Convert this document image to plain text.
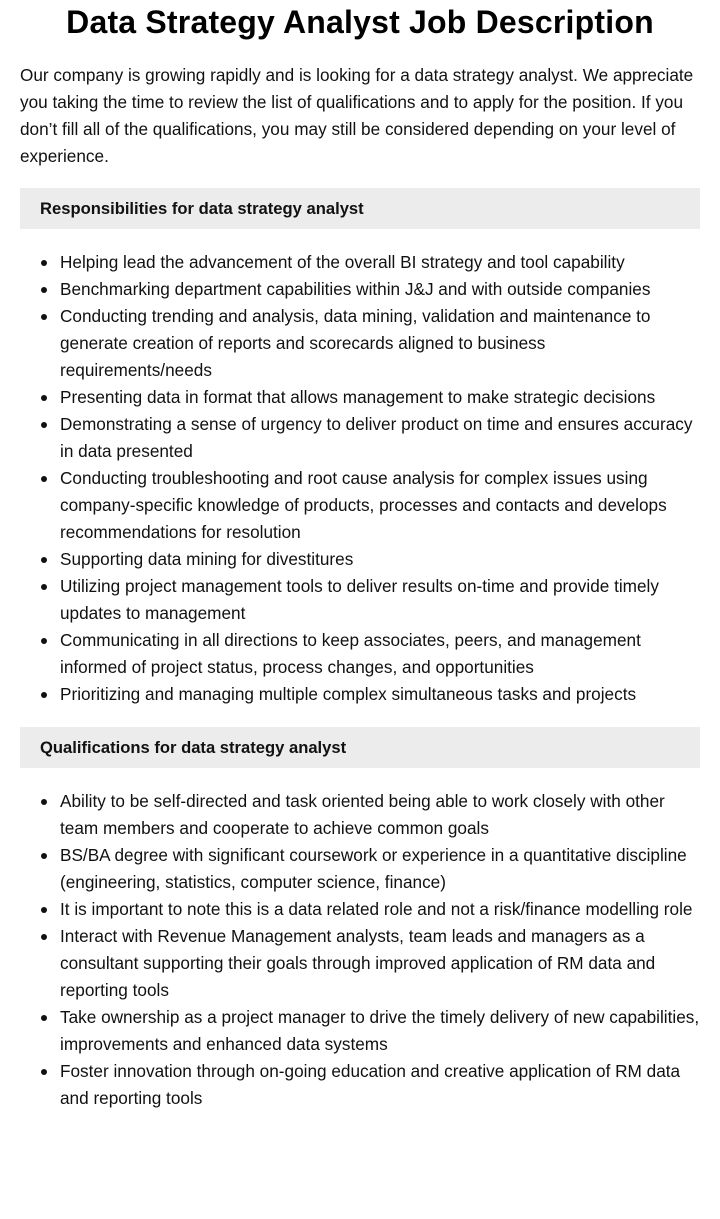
Data Strategy Analyst Job Description

Our company is growing rapidly and is looking for a data strategy analyst. We appreciate you taking the time to review the list of qualifications and to apply for the position. If you don’t fill all of the qualifications, you may still be considered depending on your level of experience.

Responsibilities for data strategy analyst
Helping lead the advancement of the overall BI strategy and tool capability
Benchmarking department capabilities within J&J and with outside companies
Conducting trending and analysis, data mining, validation and maintenance to generate creation of reports and scorecards aligned to business requirements/needs
Presenting data in format that allows management to make strategic decisions
Demonstrating a sense of urgency to deliver product on time and ensures accuracy in data presented
Conducting troubleshooting and root cause analysis for complex issues using company-specific knowledge of products, processes and contacts and develops recommendations for resolution
Supporting data mining for divestitures
Utilizing project management tools to deliver results on-time and provide timely updates to management
Communicating in all directions to keep associates, peers, and management informed of project status, process changes, and opportunities
Prioritizing and managing multiple complex simultaneous tasks and projects
Qualifications for data strategy analyst
Ability to be self-directed and task oriented being able to work closely with other team members and cooperate to achieve common goals
BS/BA degree with significant coursework or experience in a quantitative discipline (engineering, statistics, computer science, finance)
It is important to note this is a data related role and not a risk/finance modelling role
Interact with Revenue Management analysts, team leads and managers as a consultant supporting their goals through improved application of RM data and reporting tools
Take ownership as a project manager to drive the timely delivery of new capabilities, improvements and enhanced data systems
Foster innovation through on-going education and creative application of RM data and reporting tools
